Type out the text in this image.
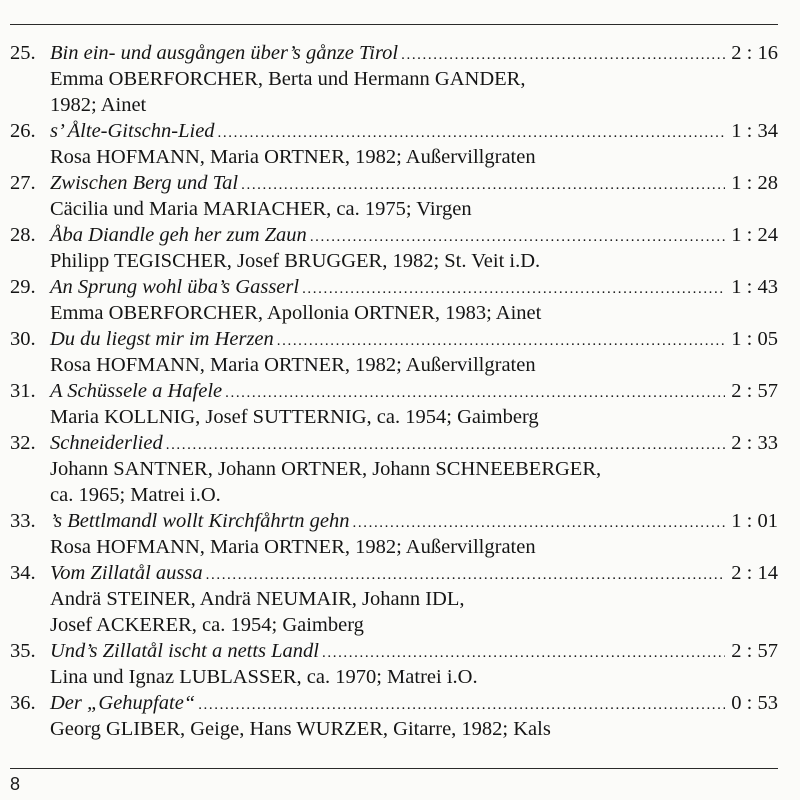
25. Bin ein- und ausgången über’s gånze Tirol .....	2 : 16
Emma OBERFORCHER, Berta und Hermann GANDER,
1982; Ainet
26. s’ Ålte-Gitschn-Lied .....	1 : 34
Rosa HOFMANN, Maria ORTNER, 1982; Außervillgraten
27. Zwischen Berg und Tal .....	1 : 28
Cäcilia und Maria MARIACHER, ca. 1975; Virgen
28. Åba Diandle geh her zum Zaun .....	1 : 24
Philipp TEGISCHER, Josef BRUGGER, 1982; St. Veit i.D.
29. An Sprung wohl üba’s Gasserl .....	1 : 43
Emma OBERFORCHER, Apollonia ORTNER, 1983; Ainet
30. Du du liegst mir im Herzen .....	1 : 05
Rosa HOFMANN, Maria ORTNER, 1982; Außervillgraten
31. A Schüssele a Hafele .....	2 : 57
Maria KOLLNIG, Josef SUTTERNIG, ca. 1954; Gaimberg
32. Schneiderlied .....	2 : 33
Johann SANTNER, Johann ORTNER, Johann SCHNEEBERGER,
ca. 1965; Matrei i.O.
33. ’s Bettlmandl wollt Kirchfåhrtn gehn .....	1 : 01
Rosa HOFMANN, Maria ORTNER, 1982; Außervillgraten
34. Vom Zillatål aussa .....	2 : 14
Andrä STEINER, Andrä NEUMAIR, Johann IDL,
Josef ACKERER, ca. 1954; Gaimberg
35. Und’s Zillatål ischt a netts Landl .....	2 : 57
Lina und Ignaz LUBLASSER, ca. 1970; Matrei i.O.
36. Der „Gehupfate“ .....	0 : 53
Georg GLIBER, Geige, Hans WURZER, Gitarre, 1982; Kals
8
